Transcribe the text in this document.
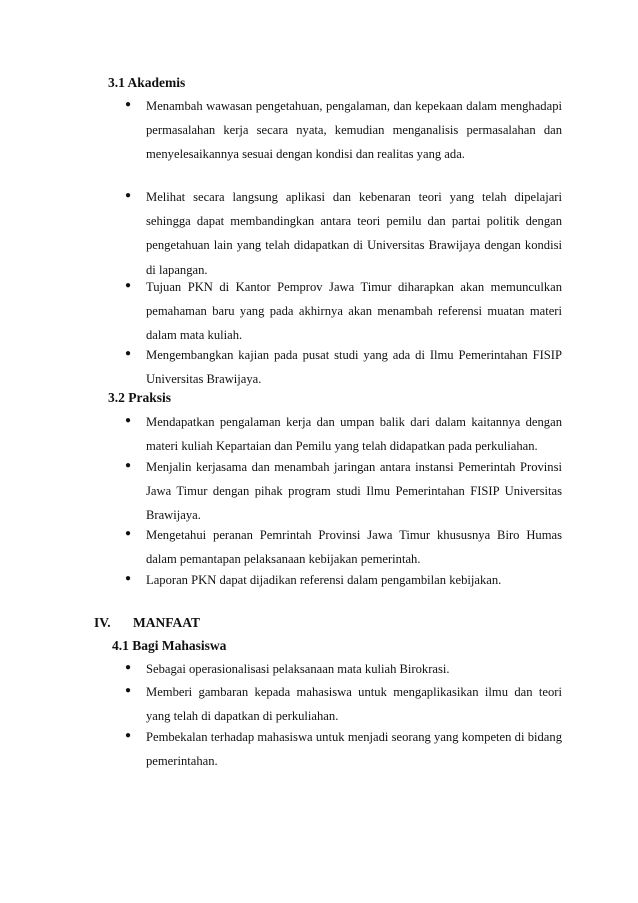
3.1 Akademis
● Menambah wawasan pengetahuan, pengalaman, dan kepekaan dalam menghadapi permasalahan kerja secara nyata, kemudian menganalisis permasalahan dan menyelesaikannya sesuai dengan kondisi dan realitas yang ada.
● Melihat secara langsung aplikasi dan kebenaran teori yang telah dipelajari sehingga dapat membandingkan antara teori pemilu dan partai politik dengan pengetahuan lain yang telah didapatkan di Universitas Brawijaya dengan kondisi di lapangan.
● Tujuan PKN di Kantor Pemprov Jawa Timur diharapkan akan memunculkan pemahaman baru yang pada akhirnya akan menambah referensi muatan materi dalam mata kuliah.
● Mengembangkan kajian pada pusat studi yang ada di Ilmu Pemerintahan FISIP Universitas Brawijaya.
3.2 Praksis
● Mendapatkan pengalaman kerja dan umpan balik dari dalam kaitannya dengan materi kuliah Kepartaian dan Pemilu yang telah didapatkan pada perkuliahan.
● Menjalin kerjasama dan menambah jaringan antara instansi Pemerintah Provinsi Jawa Timur dengan pihak program studi Ilmu Pemerintahan FISIP Universitas Brawijaya.
● Mengetahui peranan Pemrintah Provinsi Jawa Timur khususnya Biro Humas dalam pemantapan pelaksanaan kebijakan pemerintah.
● Laporan PKN dapat dijadikan referensi dalam pengambilan kebijakan.
IV. MANFAAT
4.1 Bagi Mahasiswa
● Sebagai operasionalisasi pelaksanaan mata kuliah Birokrasi.
● Memberi gambaran kepada mahasiswa untuk mengaplikasikan ilmu dan teori yang telah di dapatkan di perkuliahan.
● Pembekalan terhadap mahasiswa untuk menjadi seorang yang kompeten di bidang pemerintahan.
